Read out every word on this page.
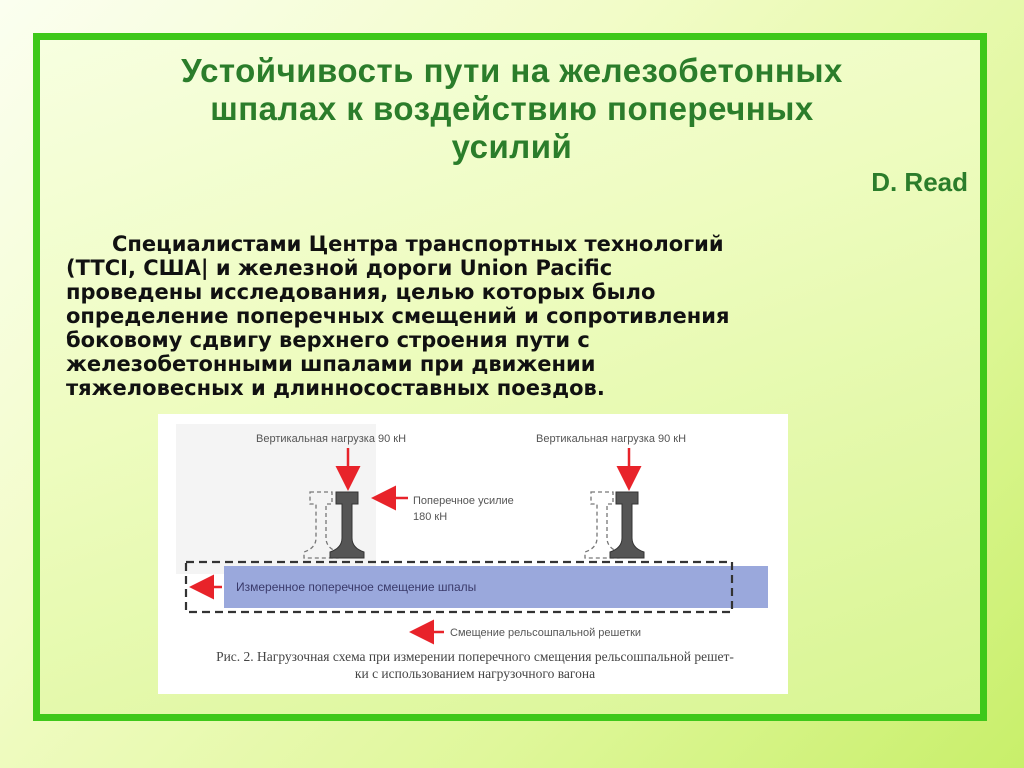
Устойчивость пути на железобетонных
шпалах к воздействию поперечных
усилий
D. Read
Специалистами Центра транспортных технологий
(TTCI, США| и железной дороги Union Pacific
проведены исследования, целью которых было
определение поперечных смещений и сопротивления
боковому сдвигу верхнего строения пути с
железобетонными шпалами при движении
тяжеловесных и длинносоставных поездов.
Вертикальная нагрузка 90 кН	Вертикальная нагрузка 90 кН
Поперечное усилие
180 кН
Измеренное поперечное смещение шпалы
Смещение рельсошпальной решетки
Рис. 2. Нагрузочная схема при измерении поперечного смещения рельсошпальной решет-
ки с использованием нагрузочного вагона
